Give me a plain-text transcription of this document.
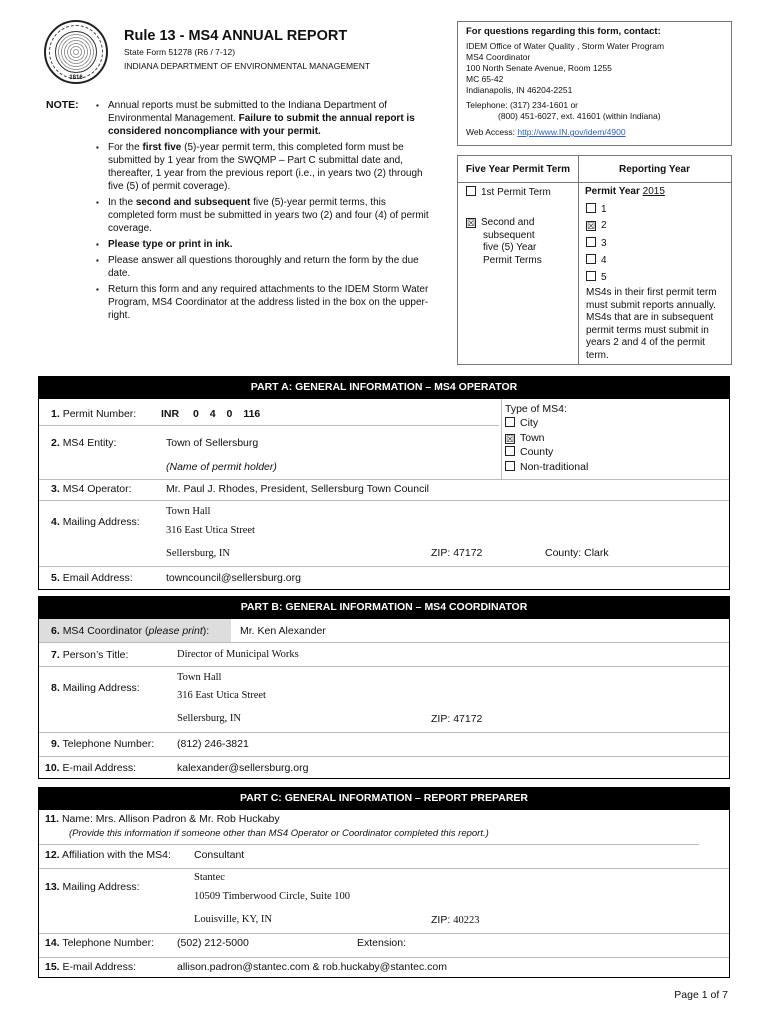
1816
Rule 13 - MS4 ANNUAL REPORT
State Form 51278 (R6 / 7-12)
INDIANA DEPARTMENT OF ENVIRONMENTAL MANAGEMENT
For questions regarding this form, contact:
IDEM Office of Water Quality , Storm Water Program
MS4 Coordinator
100 North Senate Avenue, Room 1255
MC 65-42
Indianapolis, IN 46204-2251
Telephone: (317) 234-1601 or
(800) 451-6027, ext. 41601 (within Indiana)
Web Access: http://www.IN.gov/idem/4900
NOTE:	▪ Annual reports must be submitted to the Indiana Department of Environmental Management. Failure to submit the annual report is considered noncompliance with your permit.
▪ For the first five (5)-year permit term, this completed form must be submitted by 1 year from the SWQMP – Part C submittal date and, thereafter, 1 year from the previous report (i.e., in years two (2) through five (5) of permit coverage).
▪ In the second and subsequent five (5)-year permit terms, this completed form must be submitted in years two (2) and four (4) of permit coverage.
▪ Please type or print in ink.
▪ Please answer all questions thoroughly and return the form by the due date.
▪ Return this form and any required attachments to the IDEM Storm Water Program, MS4 Coordinator at the address listed in the box on the upper-right.
Five Year Permit Term	Reporting Year
1st Permit Term
☒ Second and
subsequent
five (5) Year
Permit Terms
Permit Year 2015
1
☒ 2
3
4
5
MS4s in their first permit term must submit reports annually. MS4s that are in subsequent permit terms must submit in years 2 and 4 of the permit term.
PART A: GENERAL INFORMATION – MS4 OPERATOR
1. Permit Number: INR 0 4 0 116
2. MS4 Entity:	Town of Sellersburg
(Name of permit holder)
Type of MS4:
City
☒ Town
County
Non-traditional
3. MS4 Operator:	Mr. Paul J. Rhodes, President, Sellersburg Town Council
4. Mailing Address:
Town Hall
316 East Utica Street
Sellersburg, IN	ZIP: 47172	County: Clark
5. Email Address:	towncouncil@sellersburg.org
PART B: GENERAL INFORMATION – MS4 COORDINATOR
6. MS4 Coordinator (please print):	Mr. Ken Alexander
7. Person’s Title:	Director of Municipal Works
8. Mailing Address:
Town Hall
316 East Utica Street
Sellersburg, IN	ZIP: 47172
9. Telephone Number: (812) 246-3821
10. E-mail Address:	kalexander@sellersburg.org
PART C: GENERAL INFORMATION – REPORT PREPARER
11. Name: Mrs. Allison Padron & Mr. Rob Huckaby
(Provide this information if someone other than MS4 Operator or Coordinator completed this report.)
12. Affiliation with the MS4: Consultant
13. Mailing Address:
Stantec
10509 Timberwood Circle, Suite 100
Louisville, KY, IN	ZIP: 40223
14. Telephone Number: (502) 212-5000	Extension:
15. E-mail Address:	allison.padron@stantec.com & rob.huckaby@stantec.com
Page 1 of 7
